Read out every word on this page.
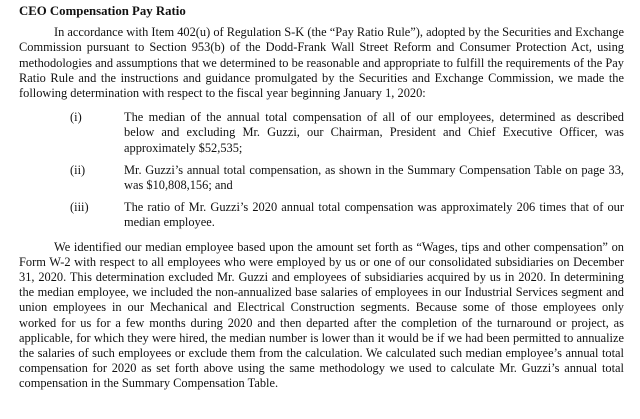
CEO Compensation Pay Ratio

In accordance with Item 402(u) of Regulation S-K (the “Pay Ratio Rule”), adopted by the Securities and Exchange Commission pursuant to Section 953(b) of the Dodd-Frank Wall Street Reform and Consumer Protection Act, using methodologies and assumptions that we determined to be reasonable and appropriate to fulfill the requirements of the Pay Ratio Rule and the instructions and guidance promulgated by the Securities and Exchange Commission, we made the following determination with respect to the fiscal year beginning January 1, 2020:

(i)	The median of the annual total compensation of all of our employees, determined as described below and excluding Mr. Guzzi, our Chairman, President and Chief Executive Officer, was approximately $52,535;
(ii)	Mr. Guzzi’s annual total compensation, as shown in the Summary Compensation Table on page 33, was $10,808,156; and
(iii)	The ratio of Mr. Guzzi’s 2020 annual total compensation was approximately 206 times that of our median employee.

We identified our median employee based upon the amount set forth as “Wages, tips and other compensation” on Form W-2 with respect to all employees who were employed by us or one of our consolidated subsidiaries on December 31, 2020. This determination excluded Mr. Guzzi and employees of subsidiaries acquired by us in 2020. In determining the median employee, we included the non-annualized base salaries of employees in our Industrial Services segment and union employees in our Mechanical and Electrical Construction segments. Because some of those employees only worked for us for a few months during 2020 and then departed after the completion of the turnaround or project, as applicable, for which they were hired, the median number is lower than it would be if we had been permitted to annualize the salaries of such employees or exclude them from the calculation. We calculated such median employee’s annual total compensation for 2020 as set forth above using the same methodology we used to calculate Mr. Guzzi’s annual total compensation in the Summary Compensation Table.
